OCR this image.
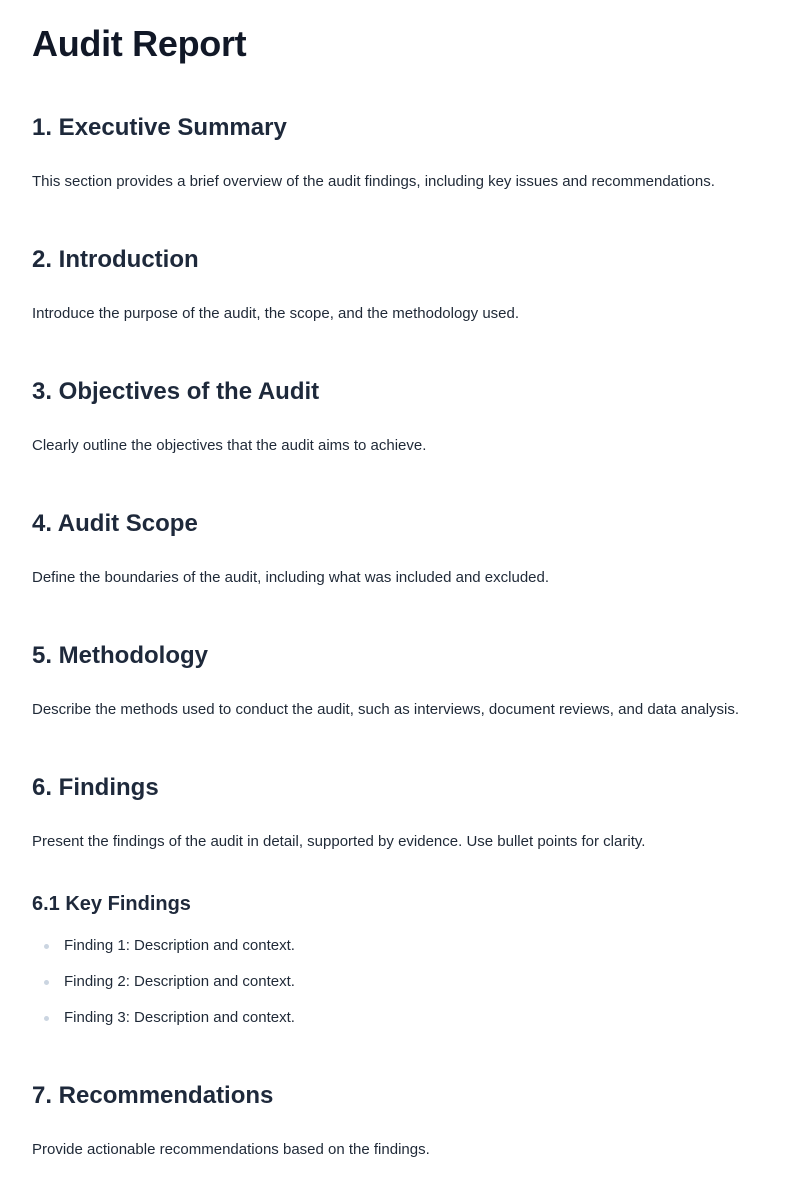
Audit Report
1. Executive Summary

This section provides a brief overview of the audit findings, including key issues and recommendations.

2. Introduction

Introduce the purpose of the audit, the scope, and the methodology used.

3. Objectives of the Audit

Clearly outline the objectives that the audit aims to achieve.

4. Audit Scope

Define the boundaries of the audit, including what was included and excluded.

5. Methodology

Describe the methods used to conduct the audit, such as interviews, document reviews, and data analysis.

6. Findings

Present the findings of the audit in detail, supported by evidence. Use bullet points for clarity.

6.1 Key Findings
Finding 1: Description and context.
Finding 2: Description and context.
Finding 3: Description and context.
7. Recommendations

Provide actionable recommendations based on the findings.
